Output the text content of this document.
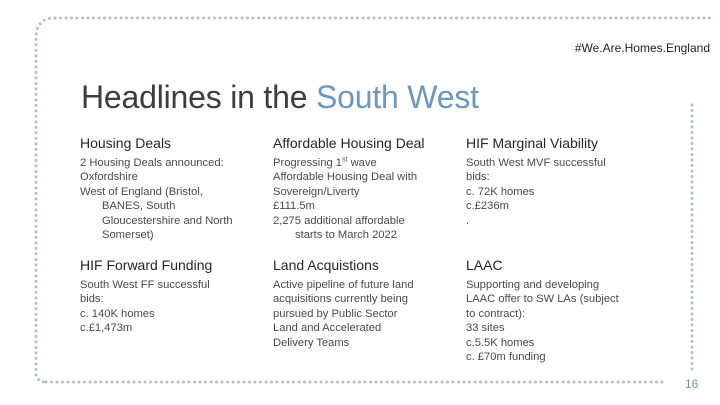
#We.Are.Homes.England
Headlines in the South West
Housing Deals
2 Housing Deals announced:
Oxfordshire
West of England (Bristol,
BANES, South
Gloucestershire and North
Somerset)
Affordable Housing Deal
Progressing 1st wave
Affordable Housing Deal with
Sovereign/Liverty
£111.5m
2,275 additional affordable
starts to March 2022
HIF Marginal Viability
South West MVF successful
bids:
c. 72K homes
c.£236m
.
HIF Forward Funding
South West FF successful
bids:
c. 140K homes
c.£1,473m
Land Acquistions
Active pipeline of future land
acquisitions currently being
pursued by Public Sector
Land and Accelerated
Delivery Teams
LAAC
Supporting and developing
LAAC offer to SW LAs (subject
to contract):
33 sites
c.5.5K homes
c. £70m funding
16
